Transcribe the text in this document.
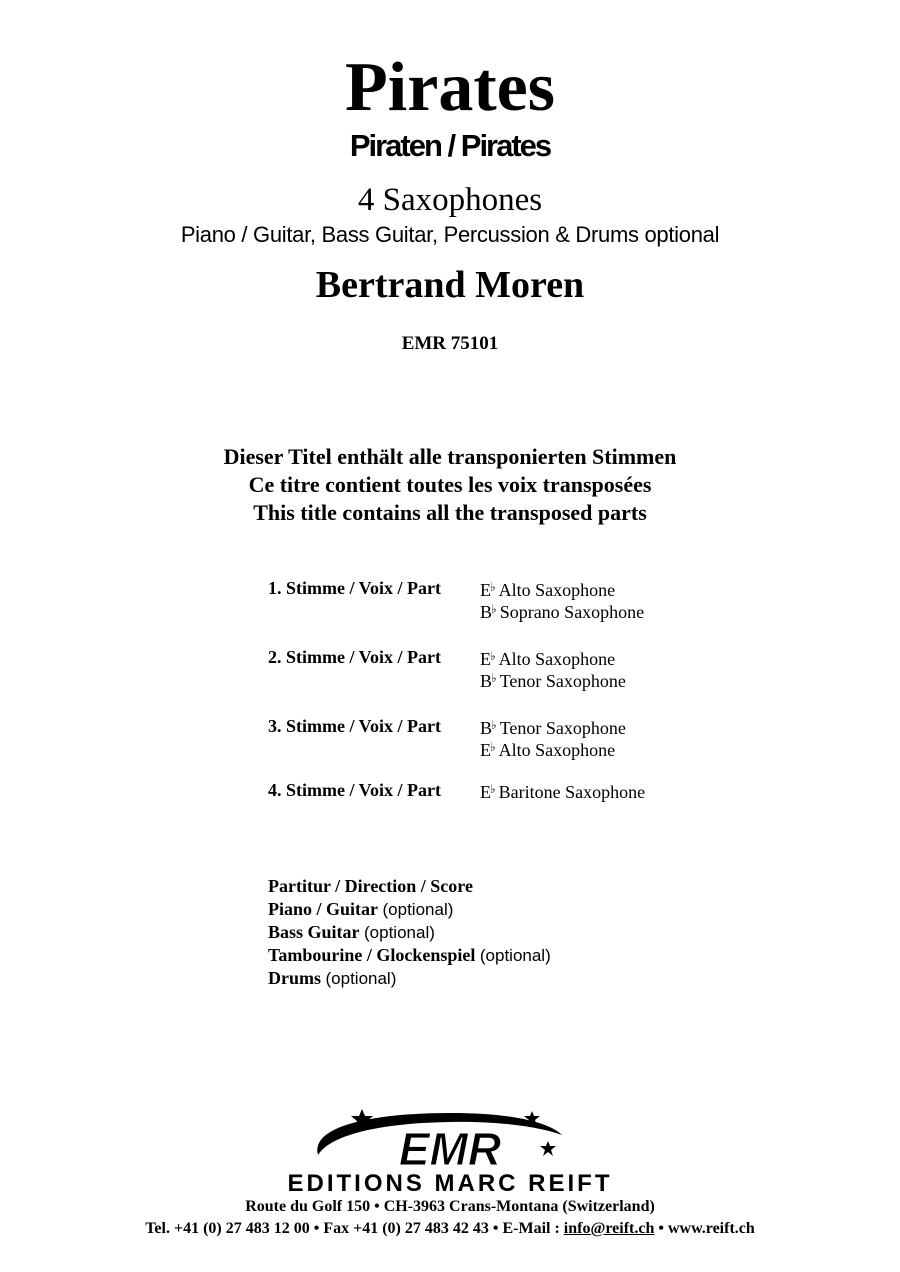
Pirates
Piraten / Pirates
4 Saxophones
Piano / Guitar, Bass Guitar, Percussion & Drums optional
Bertrand Moren
EMR 75101
Dieser Titel enthält alle transponierten Stimmen
Ce titre contient toutes les voix transposées
This title contains all the transposed parts
1. Stimme / Voix / Part	E♭ Alto Saxophone
B♭ Soprano Saxophone
2. Stimme / Voix / Part	E♭ Alto Saxophone
B♭ Tenor Saxophone
3. Stimme / Voix / Part	B♭ Tenor Saxophone
E♭ Alto Saxophone
4. Stimme / Voix / Part	E♭ Baritone Saxophone
Partitur / Direction / Score
Piano / Guitar (optional)
Bass Guitar (optional)
Tambourine / Glockenspiel (optional)
Drums (optional)
EMR
EDITIONS MARC REIFT
Route du Golf 150 • CH-3963 Crans-Montana (Switzerland)
Tel. +41 (0) 27 483 12 00 • Fax +41 (0) 27 483 42 43 • E-Mail : info@reift.ch • www.reift.ch
